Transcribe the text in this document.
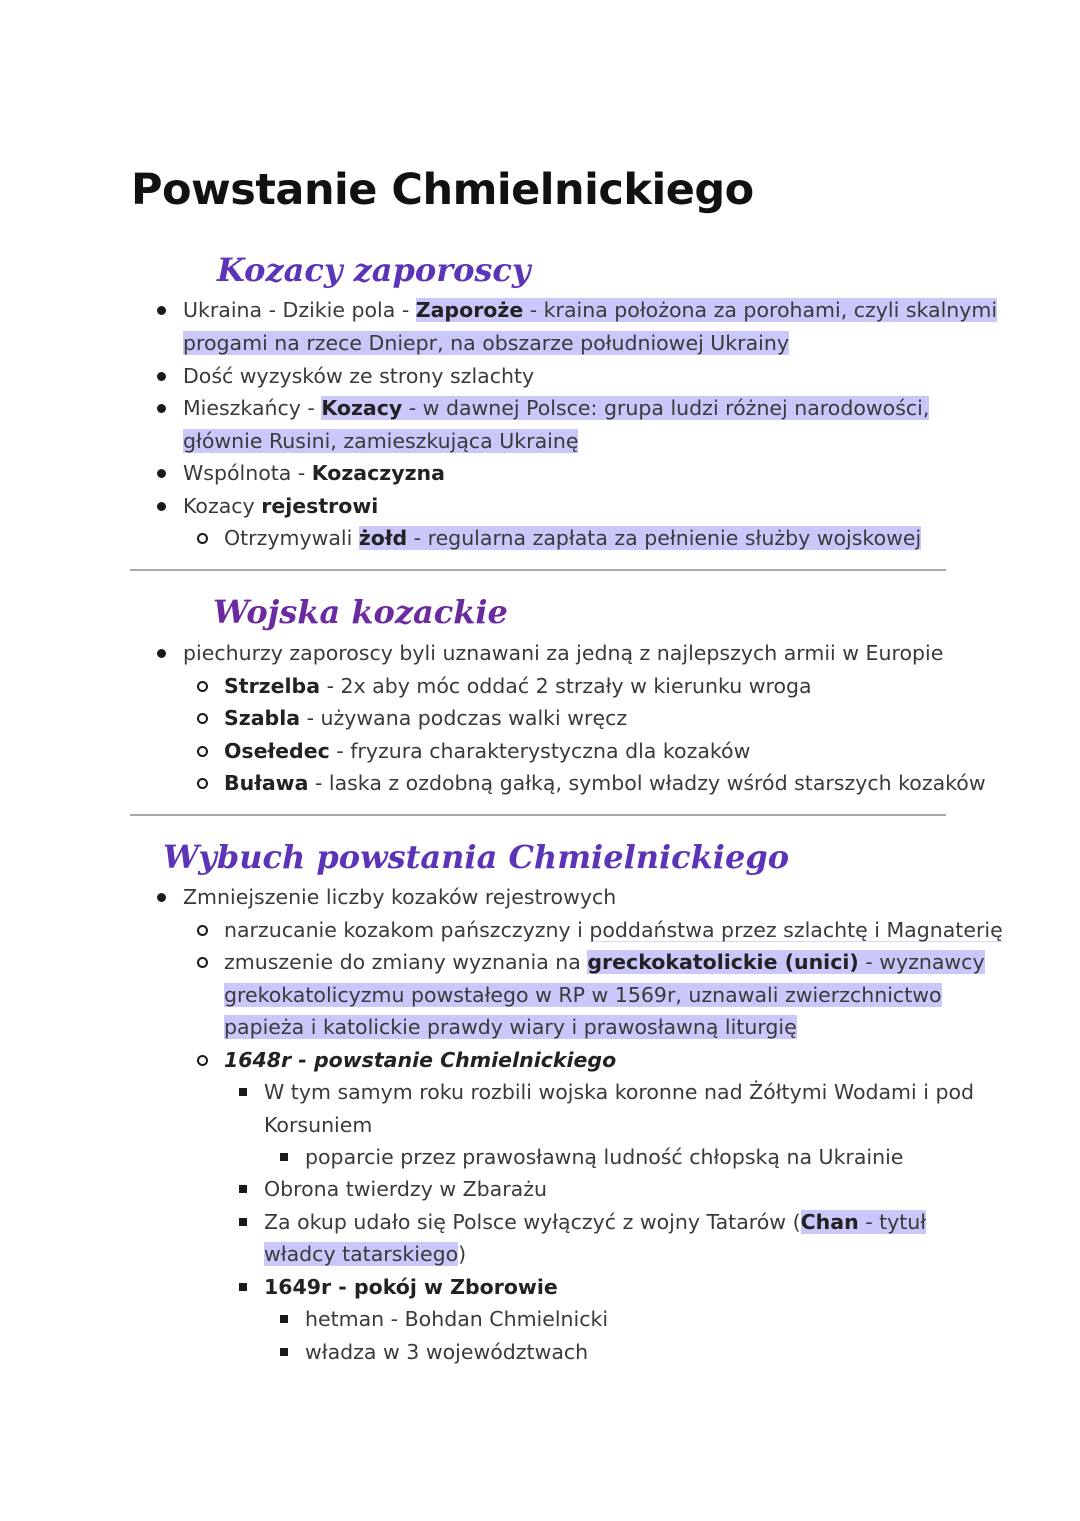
Powstanie Chmielnickiego
Kozacy zaporoscy
Ukraina - Dzikie pola - Zaporoże - kraina położona za porohami, czyli skalnymi
progami na rzece Dniepr, na obszarze południowej Ukrainy
Dość wyzysków ze strony szlachty
Mieszkańcy - Kozacy - w dawnej Polsce: grupa ludzi różnej narodowości,
głównie Rusini, zamieszkująca Ukrainę
Wspólnota - Kozaczyzna
Kozacy rejestrowi
Otrzymywali żołd - regularna zapłata za pełnienie służby wojskowej
Wojska kozackie
piechurzy zaporoscy byli uznawani za jedną z najlepszych armii w Europie
Strzelba - 2x aby móc oddać 2 strzały w kierunku wroga
Szabla - używana podczas walki wręcz
Osełedec - fryzura charakterystyczna dla kozaków
Buława - laska z ozdobną gałką, symbol władzy wśród starszych kozaków
Wybuch powstania Chmielnickiego
Zmniejszenie liczby kozaków rejestrowych
narzucanie kozakom pańszczyzny i poddaństwa przez szlachtę i Magnaterię
zmuszenie do zmiany wyznania na greckokatolickie (unici) - wyznawcy
grekokatolicyzmu powstałego w RP w 1569r, uznawali zwierzchnictwo
papieża i katolickie prawdy wiary i prawosławną liturgię
1648r - powstanie Chmielnickiego
W tym samym roku rozbili wojska koronne nad Żółtymi Wodami i pod
Korsuniem
poparcie przez prawosławną ludność chłopską na Ukrainie
Obrona twierdzy w Zbarażu
Za okup udało się Polsce wyłączyć z wojny Tatarów (Chan - tytuł
władcy tatarskiego)
1649r - pokój w Zborowie
hetman - Bohdan Chmielnicki
władza w 3 województwach
